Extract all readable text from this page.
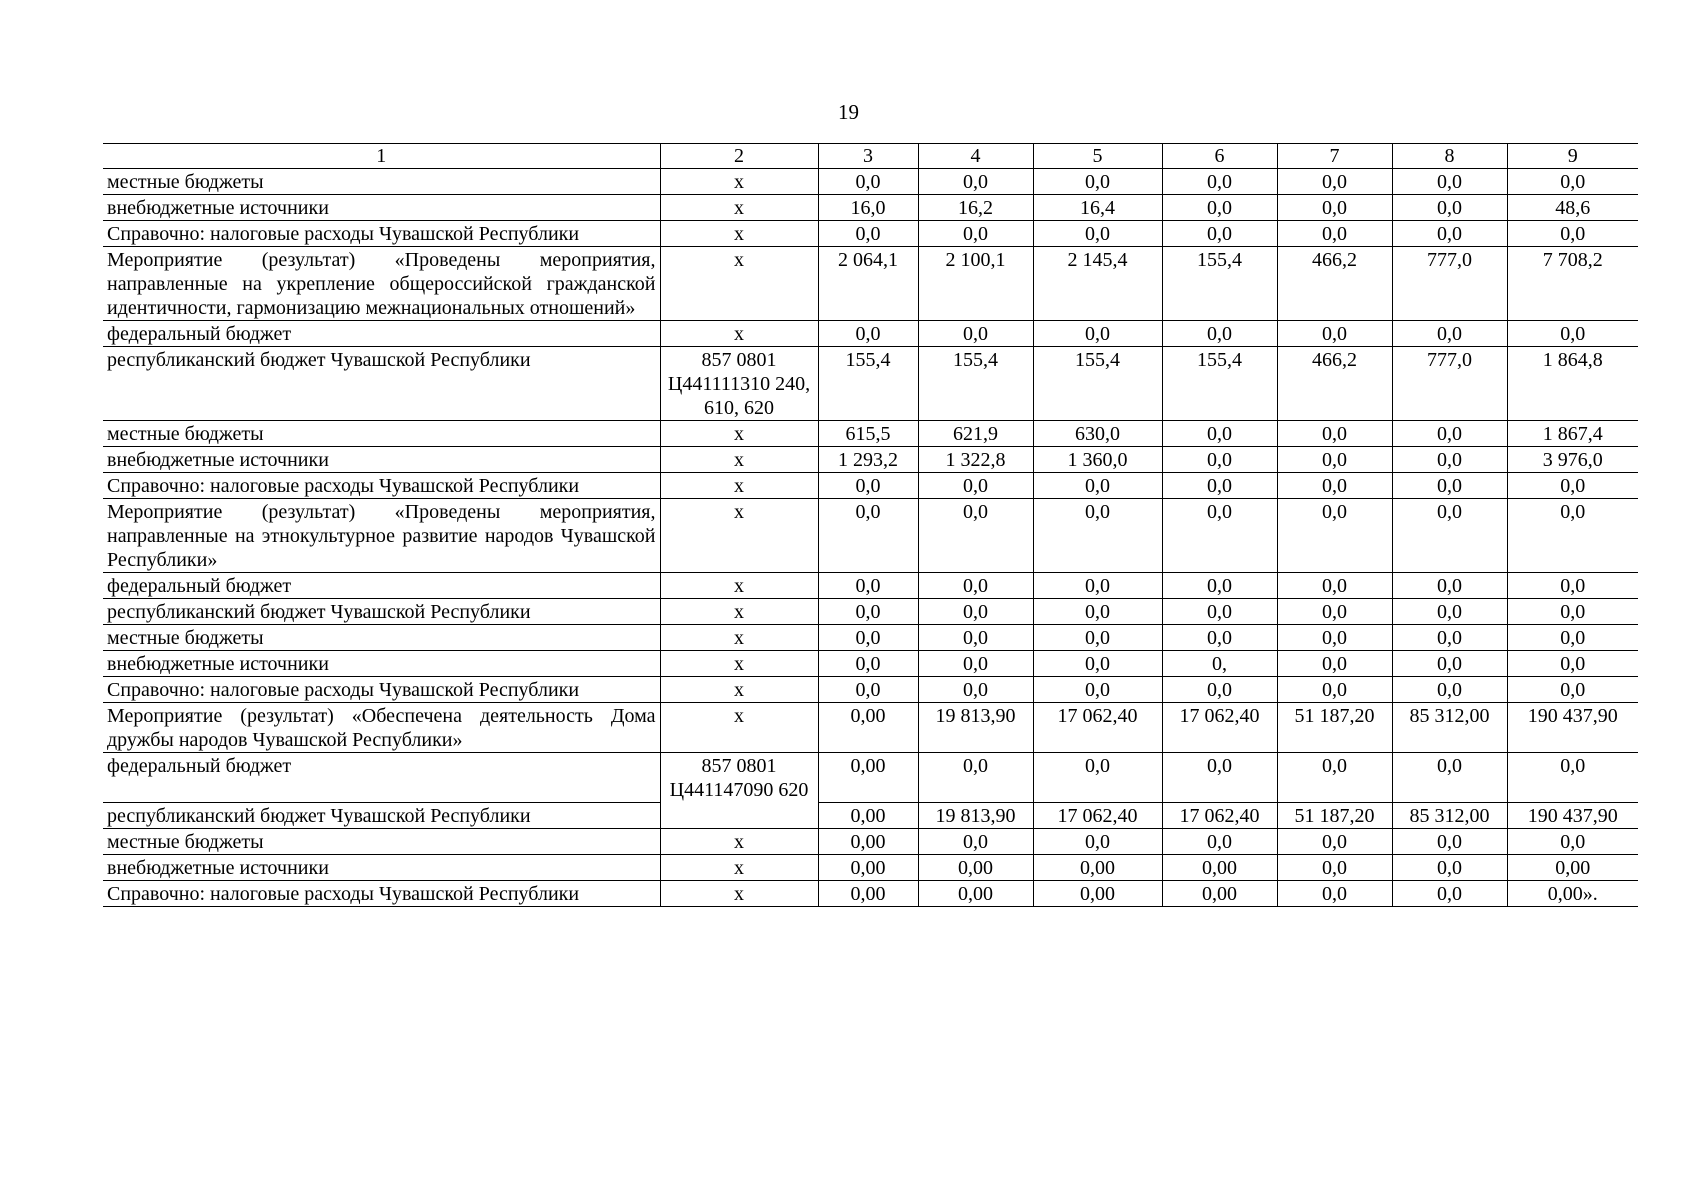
19
1	2	3	4	5	6	7	8	9
местные бюджеты	х	0,0	0,0	0,0	0,0	0,0	0,0	0,0
внебюджетные источники	х	16,0	16,2	16,4	0,0	0,0	0,0	48,6
Справочно: налоговые расходы Чувашской Республики	х	0,0	0,0	0,0	0,0	0,0	0,0	0,0
Мероприятие (результат) «Проведены мероприятия, направленные на укрепление общероссийской гражданской идентичности, гармонизацию межнациональных отношений»	х	2 064,1	2 100,1	2 145,4	155,4	466,2	777,0	7 708,2
федеральный бюджет	х	0,0	0,0	0,0	0,0	0,0	0,0	0,0
республиканский бюджет Чувашской Республики	857 0801 Ц441111310 240, 610, 620	155,4	155,4	155,4	155,4	466,2	777,0	1 864,8
местные бюджеты	х	615,5	621,9	630,0	0,0	0,0	0,0	1 867,4
внебюджетные источники	х	1 293,2	1 322,8	1 360,0	0,0	0,0	0,0	3 976,0
Справочно: налоговые расходы Чувашской Республики	х	0,0	0,0	0,0	0,0	0,0	0,0	0,0
Мероприятие (результат) «Проведены мероприятия, направленные на этнокультурное развитие народов Чувашской Республики»	х	0,0	0,0	0,0	0,0	0,0	0,0	0,0
федеральный бюджет	х	0,0	0,0	0,0	0,0	0,0	0,0	0,0
республиканский бюджет Чувашской Республики	х	0,0	0,0	0,0	0,0	0,0	0,0	0,0
местные бюджеты	х	0,0	0,0	0,0	0,0	0,0	0,0	0,0
внебюджетные источники	х	0,0	0,0	0,0	0,	0,0	0,0	0,0
Справочно: налоговые расходы Чувашской Республики	х	0,0	0,0	0,0	0,0	0,0	0,0	0,0
Мероприятие (результат) «Обеспечена деятельность Дома дружбы народов Чувашской Республики»	х	0,00	19 813,90	17 062,40	17 062,40	51 187,20	85 312,00	190 437,90
федеральный бюджет	857 0801 Ц441147090 620	0,00	0,0	0,0	0,0	0,0	0,0	0,0
республиканский бюджет Чувашской Республики		0,00	19 813,90	17 062,40	17 062,40	51 187,20	85 312,00	190 437,90
местные бюджеты	х	0,00	0,0	0,0	0,0	0,0	0,0	0,0
внебюджетные источники	х	0,00	0,00	0,00	0,00	0,0	0,0	0,00
Справочно: налоговые расходы Чувашской Республики	х	0,00	0,00	0,00	0,00	0,0	0,0	0,00».
